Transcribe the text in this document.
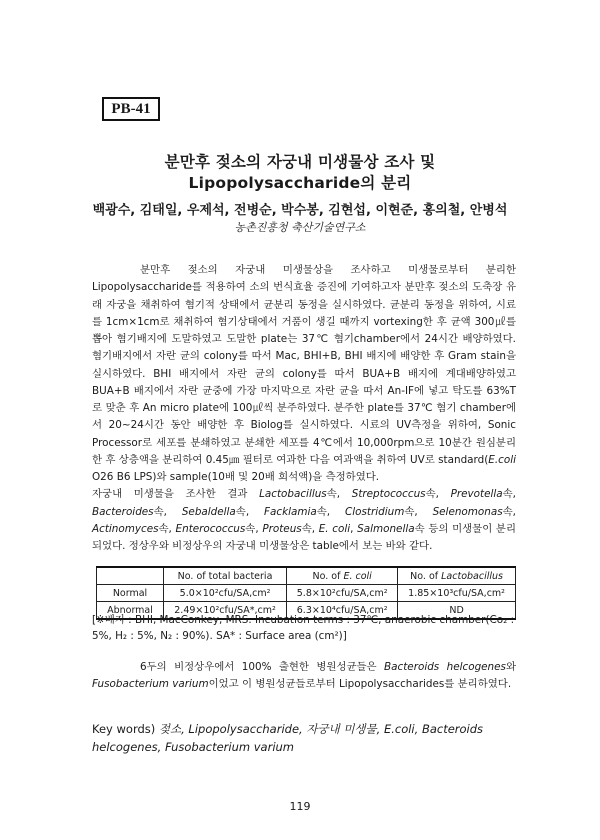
PB-41
분만후 젖소의 자궁내 미생물상 조사 및
Lipopolysaccharide의 분리
백광수, 김태일, 우제석, 전병순, 박수봉, 김현섭, 이현준, 홍의철, 안병석
농촌진흥청 축산기술연구소

분만후 젖소의 자궁내 미생물상을 조사하고 미생물로부터 분리한 Lipopolysaccharide를 적용하여 소의 번식효율 증진에 기여하고자 분만후 젖소의 도축장 유래 자궁을 채취하여 혐기적 상태에서 균분리 동정을 실시하였다. 균분리 동정을 위하여, 시료를 1cm×1cm로 채취하여 혐기상태에서 거품이 생길 때까지 vortexing한 후 균액 300㎕를 뽑아 혐기배지에 도말하였고 도말한 plate는 37℃ 혐기chamber에서 24시간 배양하였다. 혐기배지에서 자란 균의 colony를 따서 Mac, BHI+B, BHI 배지에 배양한 후 Gram stain을 실시하였다. BHI 배지에서 자란 균의 colony를 따서 BUA+B 배지에 계대배양하였고 BUA+B 배지에서 자란 균중에 가장 마지막으로 자란 균을 따서 An-IF에 넣고 탁도를 63%T로 맞춘 후 An micro plate에 100㎕씩 분주하였다. 분주한 plate를 37℃ 혐기 chamber에서 20~24시간 동안 배양한 후 Biolog를 실시하였다. 시료의 UV측정을 위하여, Sonic Processor로 세포를 분쇄하였고 분쇄한 세포를 4℃에서 10,000rpm으로 10분간 원심분리한 후 상층액을 분리하여 0.45㎛ 필터로 여과한 다음 여과액을 취하여 UV로 standard(E.coli O26 B6 LPS)와 sample(10배 및 20배 희석액)을 측정하였다.

자궁내 미생물을 조사한 결과 Lactobacillus속, Streptococcus속, Prevotella속, Bacteroides속, Sebaldella속, Facklamia속, Clostridium속, Selenomonas속, Actinomyces속, Enterococcus속, Proteus속, E. coli, Salmonella속 등의 미생물이 분리되었다. 정상우와 비정상우의 자궁내 미생물상은 table에서 보는 바와 같다.

	No. of total bacteria	No. of E. coli	No. of Lactobacillus
Normal	5.0×10²cfu/SA,cm²	5.8×10²cfu/SA,cm²	1.85×10³cfu/SA,cm²
Abnormal	2.49×10²cfu/SA*,cm²	6.3×10⁴cfu/SA,cm²	ND
[※배지 : BHI, MacConkey, MRS. Incubation terms : 37℃, anaerobic chamber(Co₂ : 5%, H₂ : 5%, N₂ : 90%). SA* : Surface area (cm²)]

6두의 비정상우에서 100% 출현한 병원성균들은 Bacteroids helcogenes와 Fusobacterium varium이었고 이 병원성균들로부터 Lipopolysaccharides를 분리하였다.

Key words) 젖소, Lipopolysaccharide, 자궁내 미생물, E.coli, Bacteroids helcogenes, Fusobacterium varium
119
